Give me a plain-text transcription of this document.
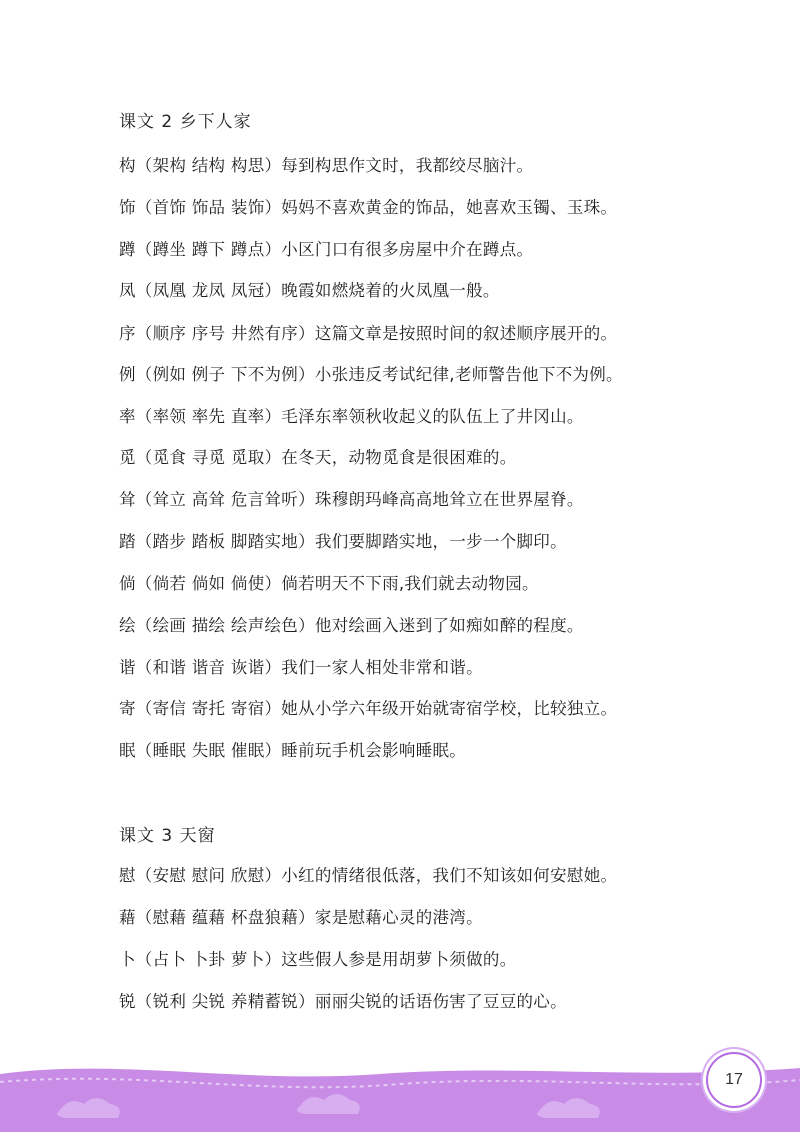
课文 2 乡下人家
构（架构 结构 构思）每到构思作文时，我都绞尽脑汁。
饰（首饰 饰品 装饰）妈妈不喜欢黄金的饰品，她喜欢玉镯、玉珠。
蹲（蹲坐 蹲下 蹲点）小区门口有很多房屋中介在蹲点。
凤（凤凰 龙凤 凤冠）晚霞如燃烧着的火凤凰一般。
序（顺序 序号 井然有序）这篇文章是按照时间的叙述顺序展开的。
例（例如 例子 下不为例）小张违反考试纪律,老师警告他下不为例。
率（率领 率先 直率）毛泽东率领秋收起义的队伍上了井冈山。
觅（觅食 寻觅 觅取）在冬天，动物觅食是很困难的。
耸（耸立 高耸 危言耸听）珠穆朗玛峰高高地耸立在世界屋脊。
踏（踏步 踏板 脚踏实地）我们要脚踏实地，一步一个脚印。
倘（倘若 倘如 倘使）倘若明天不下雨,我们就去动物园。
绘（绘画 描绘 绘声绘色）他对绘画入迷到了如痴如醉的程度。
谐（和谐 谐音 诙谐）我们一家人相处非常和谐。
寄（寄信 寄托 寄宿）她从小学六年级开始就寄宿学校，比较独立。
眠（睡眠 失眠 催眠）睡前玩手机会影响睡眠。
课文 3 天窗
慰（安慰 慰问 欣慰）小红的情绪很低落，我们不知该如何安慰她。
藉（慰藉 蕴藉 杯盘狼藉）家是慰藉心灵的港湾。
卜（占卜 卜卦 萝卜）这些假人参是用胡萝卜须做的。
锐（锐利 尖锐 养精蓄锐）丽丽尖锐的话语伤害了豆豆的心。
17
